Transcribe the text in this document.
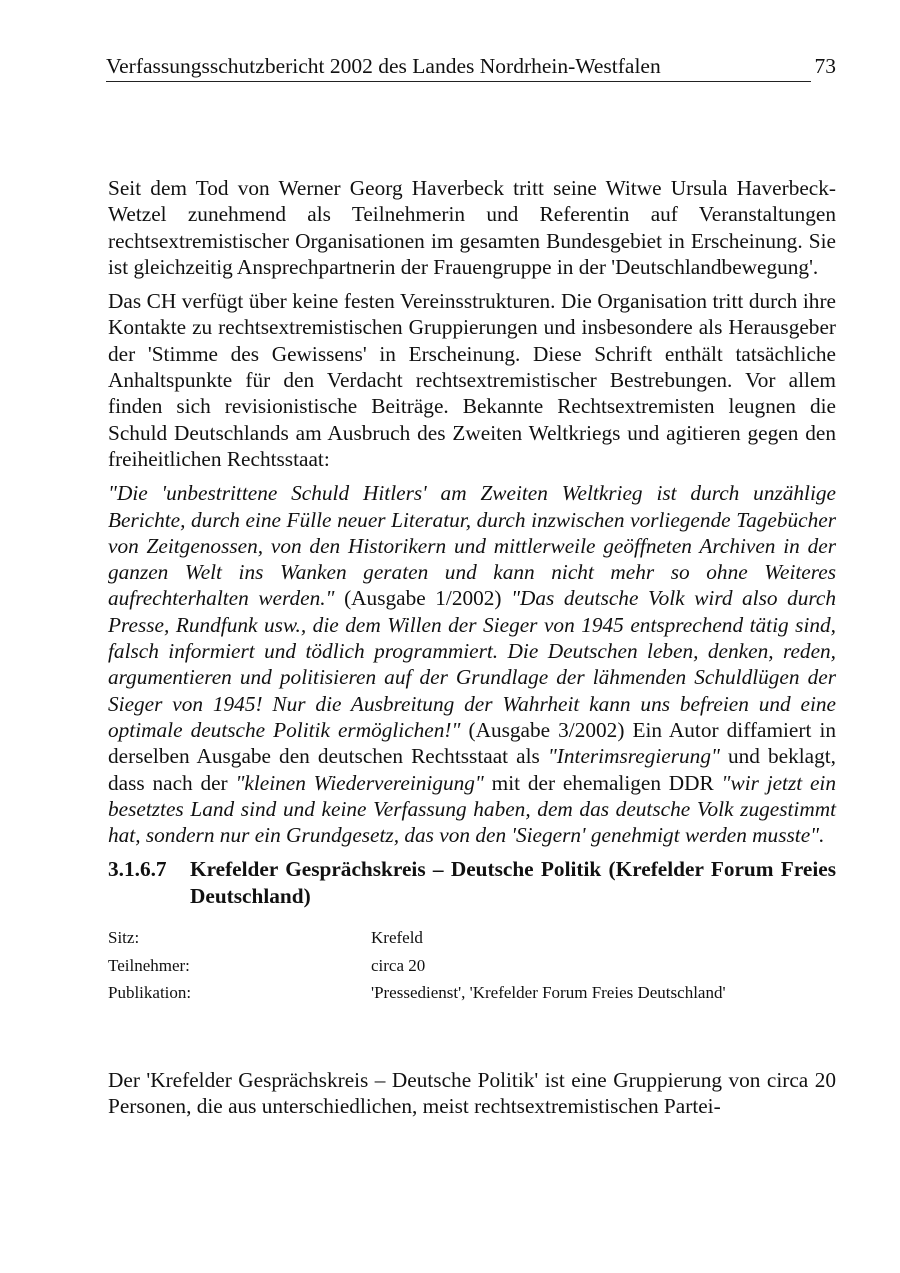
Verfassungsschutzbericht 2002 des Landes Nordrhein-Westfalen	73

Seit dem Tod von Werner Georg Haverbeck tritt seine Witwe Ursula Haverbeck-Wetzel zunehmend als Teilnehmerin und Referentin auf Veranstaltungen rechtsextremistischer Organisationen im gesamten Bundesgebiet in Erscheinung. Sie ist gleichzeitig Ansprechpartnerin der Frauengruppe in der 'Deutschlandbewegung'.

Das CH verfügt über keine festen Vereinsstrukturen. Die Organisation tritt durch ihre Kontakte zu rechtsextremistischen Gruppierungen und insbesondere als Herausgeber der 'Stimme des Gewissens' in Erscheinung. Diese Schrift enthält tatsächliche Anhaltspunkte für den Verdacht rechtsextremistischer Bestrebungen. Vor allem finden sich revisionistische Beiträge. Bekannte Rechtsextremisten leugnen die Schuld Deutschlands am Ausbruch des Zweiten Weltkriegs und agitieren gegen den freiheitlichen Rechtsstaat:

"Die 'unbestrittene Schuld Hitlers' am Zweiten Weltkrieg ist durch unzählige Berichte, durch eine Fülle neuer Literatur, durch inzwischen vorliegende Tagebücher von Zeitgenossen, von den Historikern und mittlerweile geöffneten Archiven in der ganzen Welt ins Wanken geraten und kann nicht mehr so ohne Weiteres aufrechterhalten werden." (Ausgabe 1/2002) "Das deutsche Volk wird also durch Presse, Rundfunk usw., die dem Willen der Sieger von 1945 entsprechend tätig sind, falsch informiert und tödlich programmiert. Die Deutschen leben, denken, reden, argumentieren und politisieren auf der Grundlage der lähmenden Schuldlügen der Sieger von 1945! Nur die Ausbreitung der Wahrheit kann uns befreien und eine optimale deutsche Politik ermöglichen!" (Ausgabe 3/2002) Ein Autor diffamiert in derselben Ausgabe den deutschen Rechtsstaat als "Interimsregierung" und beklagt, dass nach der "kleinen Wiedervereinigung" mit der ehemaligen DDR "wir jetzt ein besetztes Land sind und keine Verfassung haben, dem das deutsche Volk zugestimmt hat, sondern nur ein Grundgesetz, das von den 'Siegern' genehmigt werden musste".

3.1.6.7	Krefelder Gesprächskreis – Deutsche Politik (Krefelder Forum Freies Deutschland)
Sitz:	Krefeld
Teilnehmer:	circa 20
Publikation:	'Pressedienst', 'Krefelder Forum Freies Deutschland'

Der 'Krefelder Gesprächskreis – Deutsche Politik' ist eine Gruppierung von circa 20 Personen, die aus unterschiedlichen, meist rechtsextremistischen Partei-
